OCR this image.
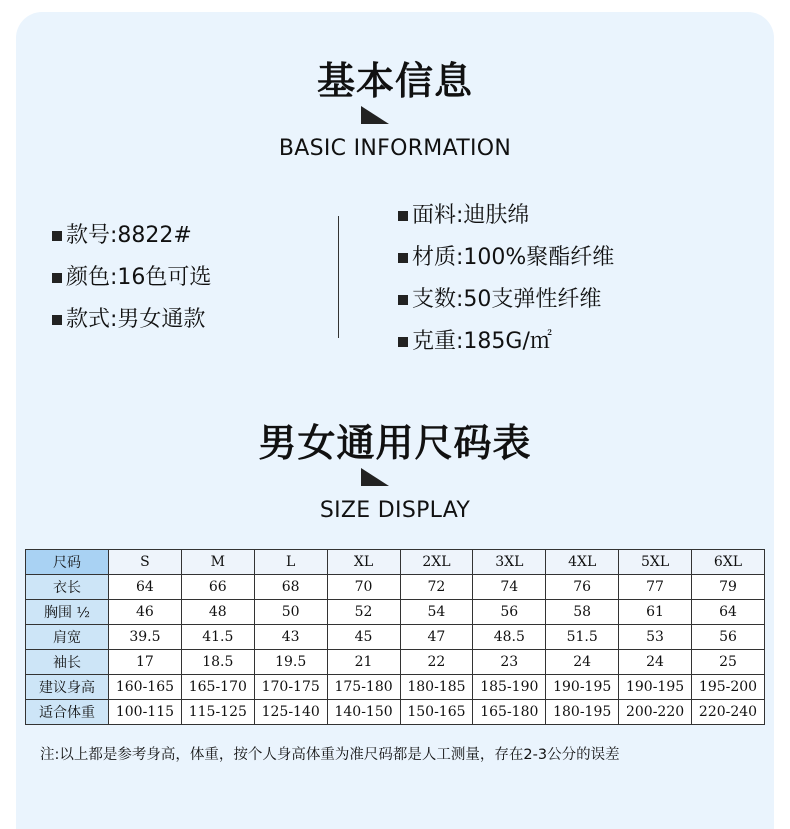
基本信息
BASIC INFORMATION
款号:8822#
颜色:16色可选
款式:男女通款
面料:迪肤绵
材质:100%聚酯纤维
支数:50支弹性纤维
克重:185G/㎡
男女通用尺码表
SIZE DISPLAY
尺码	S	M	L	XL	2XL	3XL	4XL	5XL	6XL
衣长	64	66	68	70	72	74	76	77	79
胸围 ½	46	48	50	52	54	56	58	61	64
肩宽	39.5	41.5	43	45	47	48.5	51.5	53	56
袖长	17	18.5	19.5	21	22	23	24	24	25
建议身高	160-165	165-170	170-175	175-180	180-185	185-190	190-195	190-195	195-200
适合体重	100-115	115-125	125-140	140-150	150-165	165-180	180-195	200-220	220-240
注:以上都是参考身高，体重，按个人身高体重为准尺码都是人工测量，存在2-3公分的误差
